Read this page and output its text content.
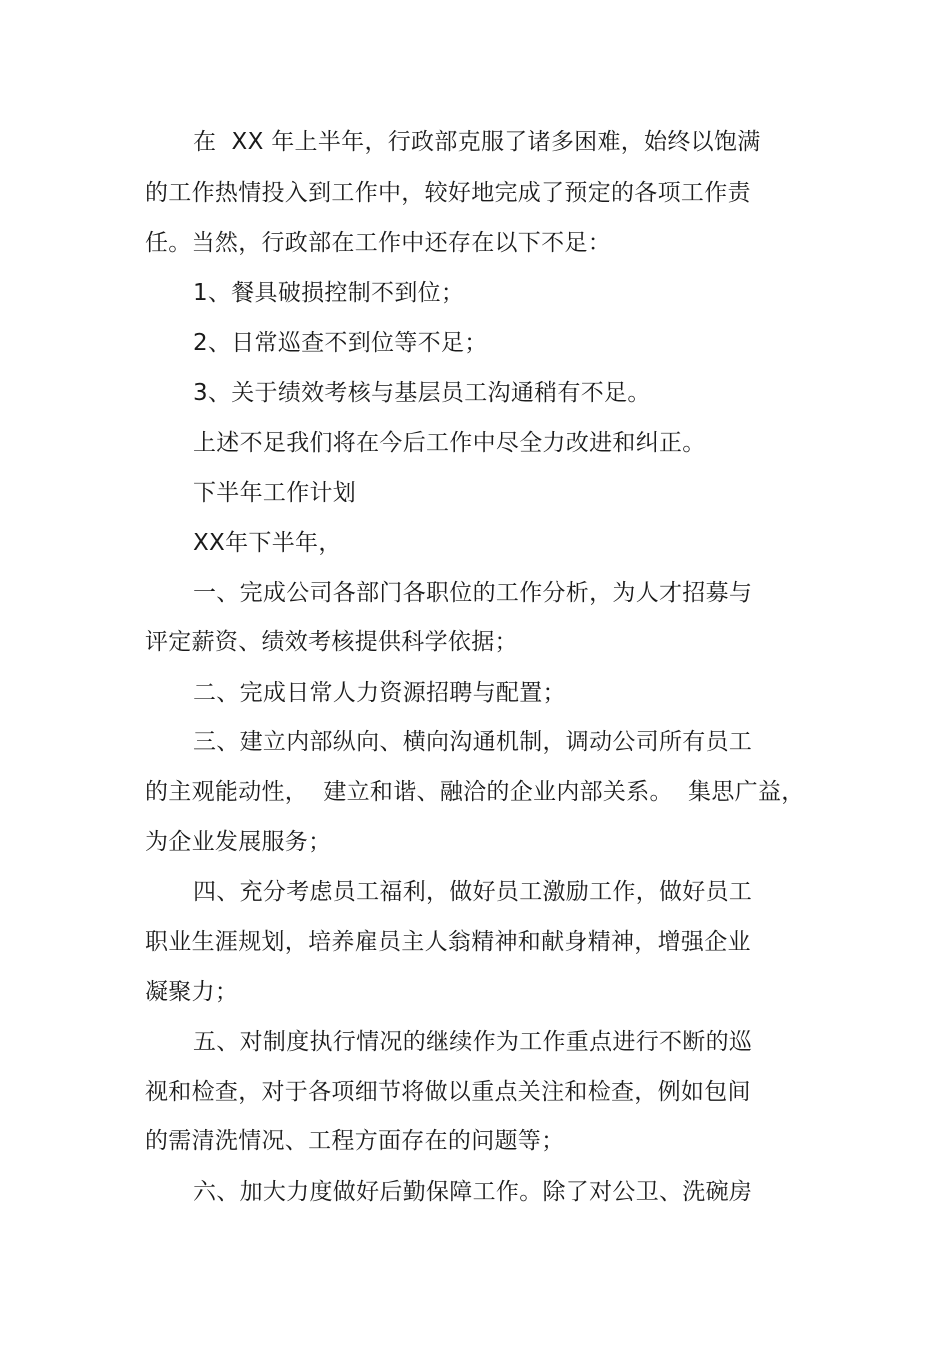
在  XX 年上半年，行政部克服了诸多困难，始终以饱满
的工作热情投入到工作中，较好地完成了预定的各项工作责
任。当然，行政部在工作中还存在以下不足：
1、餐具破损控制不到位；
2、日常巡查不到位等不足；
3、关于绩效考核与基层员工沟通稍有不足。
上述不足我们将在今后工作中尽全力改进和纠正。
下半年工作计划
XX年下半年，
一、完成公司各部门各职位的工作分析，为人才招募与
评定薪资、绩效考核提供科学依据；
二、完成日常人力资源招聘与配置；
三、建立内部纵向、横向沟通机制，调动公司所有员工
的主观能动性，  建立和谐、融洽的企业内部关系。  集思广益，
为企业发展服务；
四、充分考虑员工福利，做好员工激励工作，做好员工
职业生涯规划，培养雇员主人翁精神和献身精神，增强企业
凝聚力；
五、对制度执行情况的继续作为工作重点进行不断的巡
视和检查，对于各项细节将做以重点关注和检查，例如包间
的需清洗情况、工程方面存在的问题等；
六、加大力度做好后勤保障工作。除了对公卫、洗碗房
